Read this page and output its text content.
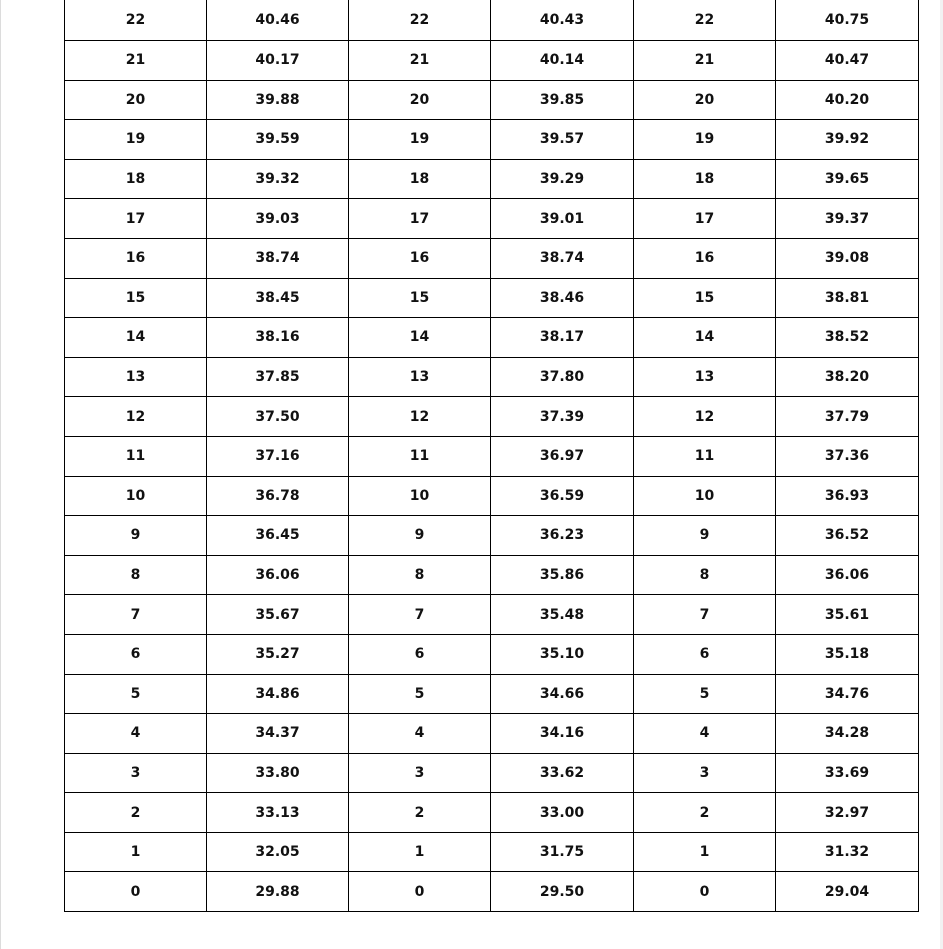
22	40.46	22	40.43	22	40.75
21	40.17	21	40.14	21	40.47
20	39.88	20	39.85	20	40.20
19	39.59	19	39.57	19	39.92
18	39.32	18	39.29	18	39.65
17	39.03	17	39.01	17	39.37
16	38.74	16	38.74	16	39.08
15	38.45	15	38.46	15	38.81
14	38.16	14	38.17	14	38.52
13	37.85	13	37.80	13	38.20
12	37.50	12	37.39	12	37.79
11	37.16	11	36.97	11	37.36
10	36.78	10	36.59	10	36.93
9	36.45	9	36.23	9	36.52
8	36.06	8	35.86	8	36.06
7	35.67	7	35.48	7	35.61
6	35.27	6	35.10	6	35.18
5	34.86	5	34.66	5	34.76
4	34.37	4	34.16	4	34.28
3	33.80	3	33.62	3	33.69
2	33.13	2	33.00	2	32.97
1	32.05	1	31.75	1	31.32
0	29.88	0	29.50	0	29.04
